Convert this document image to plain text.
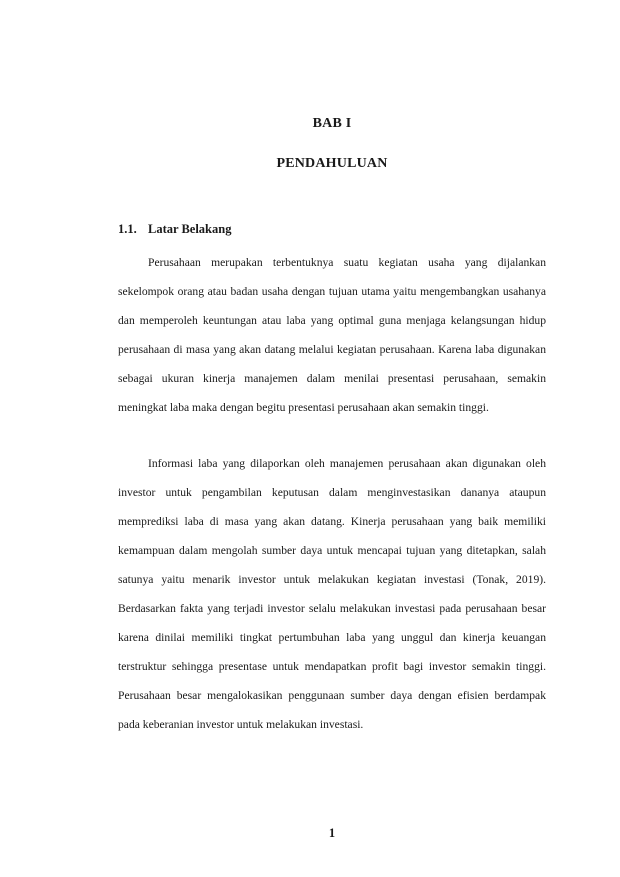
BAB I
PENDAHULUAN
1.1. Latar Belakang

Perusahaan merupakan terbentuknya suatu kegiatan usaha yang dijalankan sekelompok orang atau badan usaha dengan tujuan utama yaitu mengembangkan usahanya dan memperoleh keuntungan atau laba yang optimal guna menjaga kelangsungan hidup perusahaan di masa yang akan datang melalui kegiatan perusahaan. Karena laba digunakan sebagai ukuran kinerja manajemen dalam menilai presentasi perusahaan, semakin meningkat laba maka dengan begitu presentasi perusahaan akan semakin tinggi.

Informasi laba yang dilaporkan oleh manajemen perusahaan akan digunakan oleh investor untuk pengambilan keputusan dalam menginvestasikan dananya ataupun memprediksi laba di masa yang akan datang. Kinerja perusahaan yang baik memiliki kemampuan dalam mengolah sumber daya untuk mencapai tujuan yang ditetapkan, salah satunya yaitu menarik investor untuk melakukan kegiatan investasi (Tonak, 2019). Berdasarkan fakta yang terjadi investor selalu melakukan investasi pada perusahaan besar karena dinilai memiliki tingkat pertumbuhan laba yang unggul dan kinerja keuangan terstruktur sehingga presentase untuk mendapatkan profit bagi investor semakin tinggi. Perusahaan besar mengalokasikan penggunaan sumber daya dengan efisien berdampak pada keberanian investor untuk melakukan investasi.

1
